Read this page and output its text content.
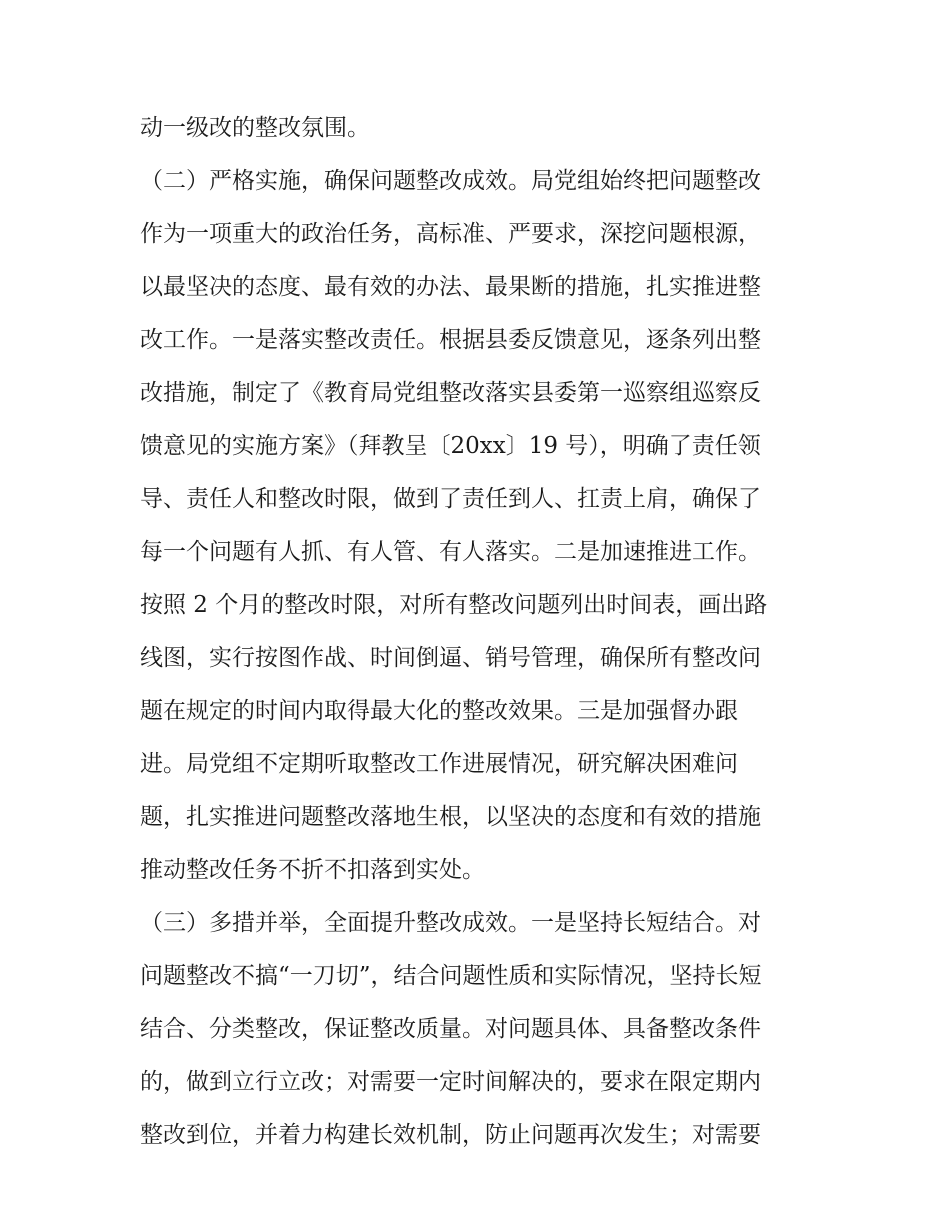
动一级改的整改氛围。
（二）严格实施，确保问题整改成效。局党组始终把问题整改
作为一项重大的政治任务，高标准、严要求，深挖问题根源，
以最坚决的态度、最有效的办法、最果断的措施，扎实推进整
改工作。一是落实整改责任。根据县委反馈意见，逐条列出整
改措施，制定了《教育局党组整改落实县委第一巡察组巡察反
馈意见的实施方案》（拜教呈〔20xx〕19 号），明确了责任领
导、责任人和整改时限，做到了责任到人、扛责上肩，确保了
每一个问题有人抓、有人管、有人落实。二是加速推进工作。
按照 2 个月的整改时限，对所有整改问题列出时间表，画出路
线图，实行按图作战、时间倒逼、销号管理，确保所有整改问
题在规定的时间内取得最大化的整改效果。三是加强督办跟
进。局党组不定期听取整改工作进展情况，研究解决困难问
题，扎实推进问题整改落地生根，以坚决的态度和有效的措施
推动整改任务不折不扣落到实处。
（三）多措并举，全面提升整改成效。一是坚持长短结合。对
问题整改不搞“一刀切”，结合问题性质和实际情况，坚持长短
结合、分类整改，保证整改质量。对问题具体、具备整改条件
的，做到立行立改；对需要一定时间解决的，要求在限定期内
整改到位，并着力构建长效机制，防止问题再次发生；对需要
